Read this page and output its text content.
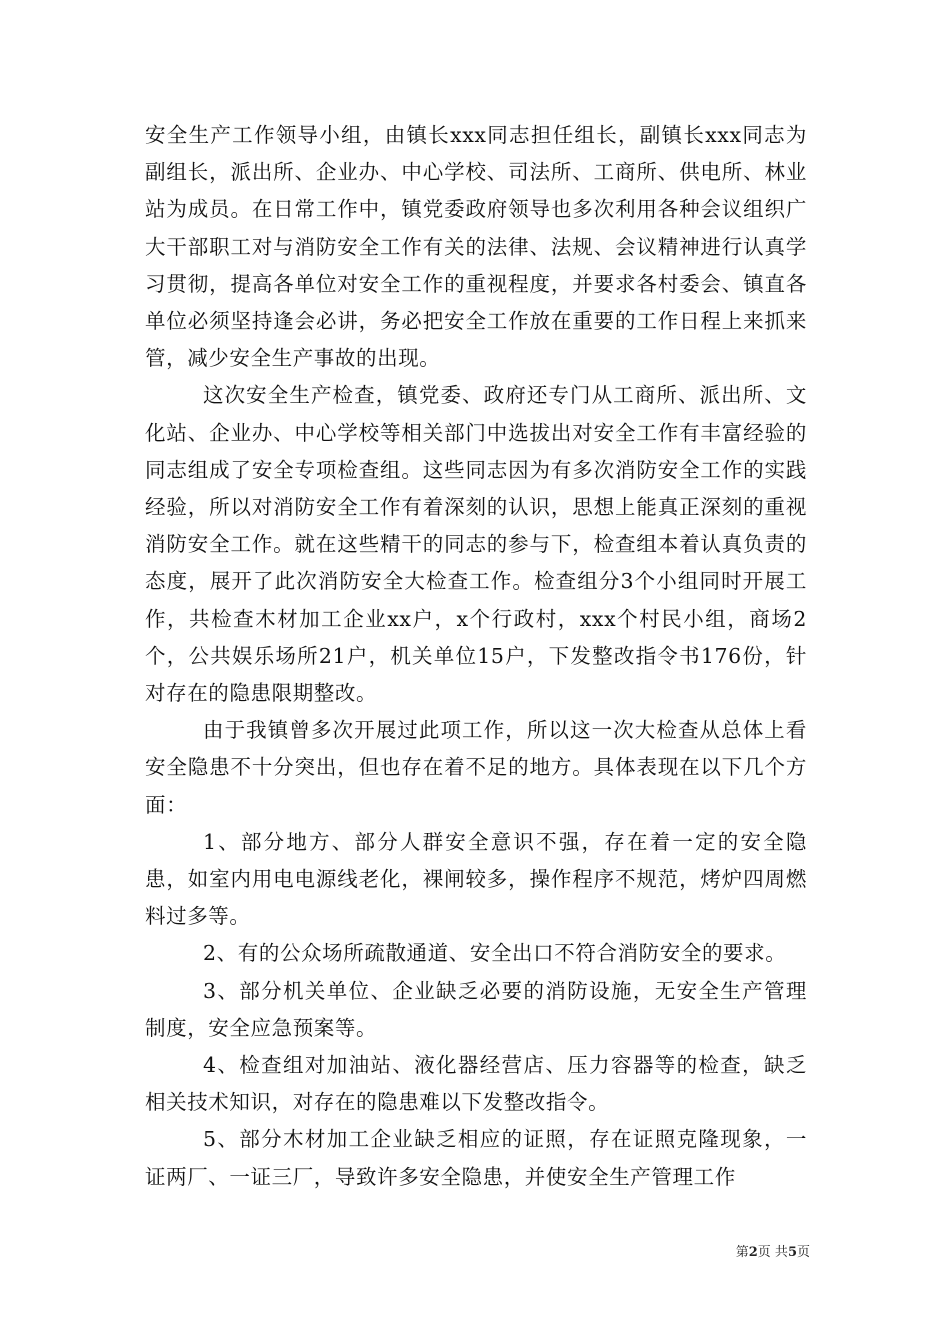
安全生产工作领导小组，由镇长xxx同志担任组长，副镇长xxx同志为副组长，派出所、企业办、中心学校、司法所、工商所、供电所、林业站为成员。在日常工作中，镇党委政府领导也多次利用各种会议组织广大干部职工对与消防安全工作有关的法律、法规、会议精神进行认真学习贯彻，提高各单位对安全工作的重视程度，并要求各村委会、镇直各单位必须坚持逢会必讲，务必把安全工作放在重要的工作日程上来抓来管，减少安全生产事故的出现。

这次安全生产检查，镇党委、政府还专门从工商所、派出所、文化站、企业办、中心学校等相关部门中选拔出对安全工作有丰富经验的同志组成了安全专项检查组。这些同志因为有多次消防安全工作的实践经验，所以对消防安全工作有着深刻的认识，思想上能真正深刻的重视消防安全工作。就在这些精干的同志的参与下，检查组本着认真负责的态度，展开了此次消防安全大检查工作。检查组分3个小组同时开展工作，共检查木材加工企业xx户，x个行政村，xxx个村民小组，商场2个，公共娱乐场所21户，机关单位15户，下发整改指令书176份，针对存在的隐患限期整改。

由于我镇曾多次开展过此项工作，所以这一次大检查从总体上看安全隐患不十分突出，但也存在着不足的地方。具体表现在以下几个方面：

1、部分地方、部分人群安全意识不强，存在着一定的安全隐患，如室内用电电源线老化，裸闸较多，操作程序不规范，烤炉四周燃料过多等。

2、有的公众场所疏散通道、安全出口不符合消防安全的要求。

3、部分机关单位、企业缺乏必要的消防设施，无安全生产管理制度，安全应急预案等。

4、检查组对加油站、液化器经营店、压力容器等的检查，缺乏相关技术知识，对存在的隐患难以下发整改指令。

5、部分木材加工企业缺乏相应的证照，存在证照克隆现象，一证两厂、一证三厂，导致许多安全隐患，并使安全生产管理工作

第2页 共5页
